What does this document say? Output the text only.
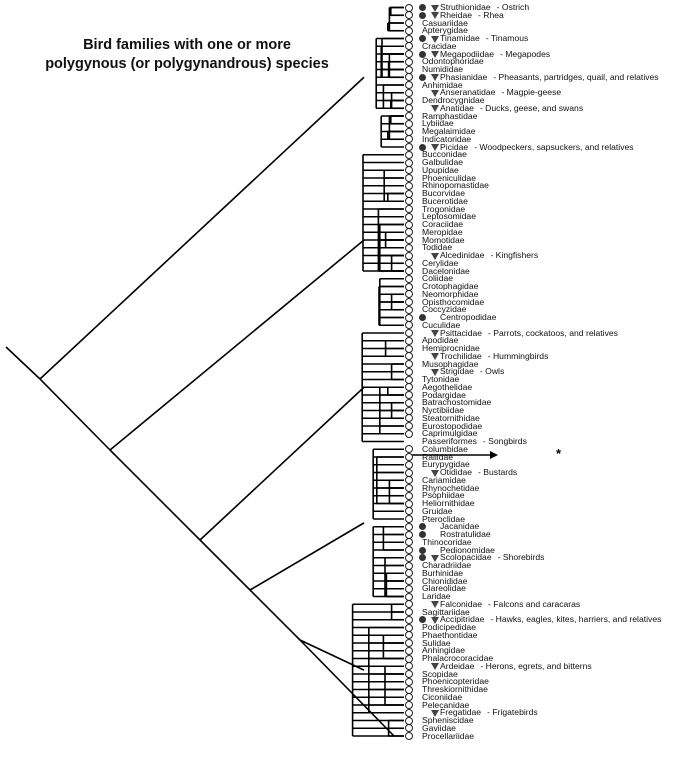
Bird families with one or more
polygynous (or polygynandrous) species
Struthionidae - Ostrich
Rheidae - Rhea
Casuariidae
Apterygidae
Tinamidae - Tinamous
Cracidae
Megapodiidae - Megapodes
Odontophoridae
Numididae
Phasianidae - Pheasants, partridges, quail, and relatives
Anhimidae
Anseranatidae - Magpie-geese
Dendrocygnidae
Anatidae - Ducks, geese, and swans
Ramphastidae
Lybiidae
Megalaimidae
Indicatoridae
Picidae - Woodpeckers, sapsuckers, and relatives
Bucconidae
Galbulidae
Upupidae
Phoeniculidae
Rhinopomastidae
Bucorvidae
Bucerotidae
Trogonidae
Leptosomidae
Coraciidae
Meropidae
Momotidae
Todidae
Alcedinidae - Kingfishers
Cerylidae
Dacelonidae
Coliidae
Crotophagidae
Neomorphidae
Opisthocomidae
Coccyzidae
Centropodidae
Cuculidae
Psittacidae - Parrots, cockatoos, and relatives
Apodidae
Hemiprocnidae
Trochilidae - Hummingbirds
Musophagidae
Strigidae - Owls
Tytonidae
Aegothelidae
Podargidae
Batrachostomidae
Nyctibiidae
Steatornithidae
Eurostopodidae
Caprimulgidae
Passeriformes - Songbirds
Columbidae
Rallidae
Eurypygidae
Otididae - Bustards
Cariamidae
Rhynochetidae
Psophiidae
Heliornithidae
Gruidae
Pteroclidae
Jacanidae
Rostratulidae
Thinocoridae
Pedionomidae
Scolopacidae - Shorebirds
Charadriidae
Burhinidae
Chionididae
Glareolidae
Laridae
Falconidae - Falcons and caracaras
Sagittariidae
Accipitridae - Hawks, eagles, kites, harriers, and relatives
Podicipedidae
Phaethontidae
Sulidae
Anhingidae
Phalacrocoracidae
Ardeidae - Herons, egrets, and bitterns
Scopidae
Phoenicopteridae
Threskiornithidae
Ciconiidae
Pelecanidae
Fregatidae - Frigatebirds
Spheniscidae
Gaviidae
Procellariidae
*
